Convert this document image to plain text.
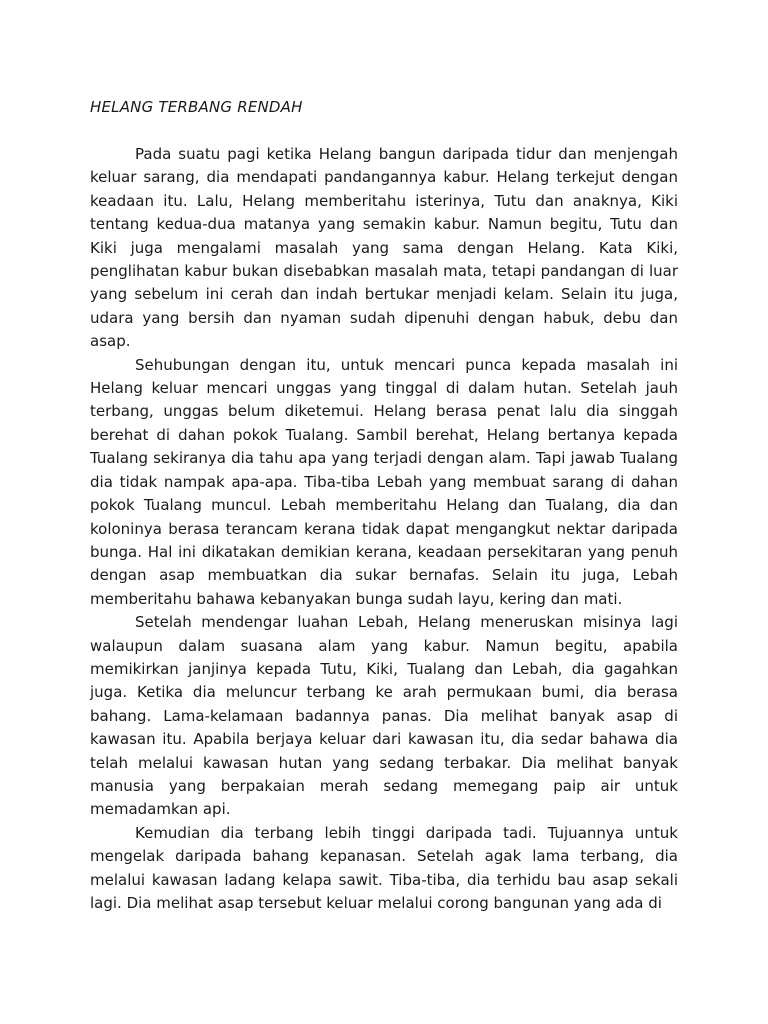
HELANG TERBANG RENDAH

Pada suatu pagi ketika Helang bangun daripada tidur dan menjengah keluar sarang, dia mendapati pandangannya kabur. Helang terkejut dengan keadaan itu. Lalu, Helang memberitahu isterinya, Tutu dan anaknya, Kiki tentang kedua-dua matanya yang semakin kabur. Namun begitu, Tutu dan Kiki juga mengalami masalah yang sama dengan Helang. Kata Kiki, penglihatan kabur bukan disebabkan masalah mata, tetapi pandangan di luar yang sebelum ini cerah dan indah bertukar menjadi kelam. Selain itu juga, udara yang bersih dan nyaman sudah dipenuhi dengan habuk, debu dan asap.

Sehubungan dengan itu, untuk mencari punca kepada masalah ini Helang keluar mencari unggas yang tinggal di dalam hutan. Setelah jauh terbang, unggas belum diketemui. Helang berasa penat lalu dia singgah berehat di dahan pokok Tualang. Sambil berehat, Helang bertanya kepada Tualang sekiranya dia tahu apa yang terjadi dengan alam. Tapi jawab Tualang dia tidak nampak apa-apa. Tiba-tiba Lebah yang membuat sarang di dahan pokok Tualang muncul. Lebah memberitahu Helang dan Tualang, dia dan koloninya berasa terancam kerana tidak dapat mengangkut nektar daripada bunga. Hal ini dikatakan demikian kerana, keadaan persekitaran yang penuh dengan asap membuatkan dia sukar bernafas. Selain itu juga, Lebah memberitahu bahawa kebanyakan bunga sudah layu, kering dan mati.

Setelah mendengar luahan Lebah, Helang meneruskan misinya lagi walaupun dalam suasana alam yang kabur. Namun begitu, apabila memikirkan janjinya kepada Tutu, Kiki, Tualang dan Lebah, dia gagahkan juga. Ketika dia meluncur terbang ke arah permukaan bumi, dia berasa bahang. Lama-kelamaan badannya panas. Dia melihat banyak asap di kawasan itu. Apabila berjaya keluar dari kawasan itu, dia sedar bahawa dia telah melalui kawasan hutan yang sedang terbakar. Dia melihat banyak manusia yang berpakaian merah sedang memegang paip air untuk memadamkan api.

Kemudian dia terbang lebih tinggi daripada tadi. Tujuannya untuk mengelak daripada bahang kepanasan. Setelah agak lama terbang, dia melalui kawasan ladang kelapa sawit. Tiba-tiba, dia terhidu bau asap sekali lagi. Dia melihat asap tersebut keluar melalui corong bangunan yang ada di
